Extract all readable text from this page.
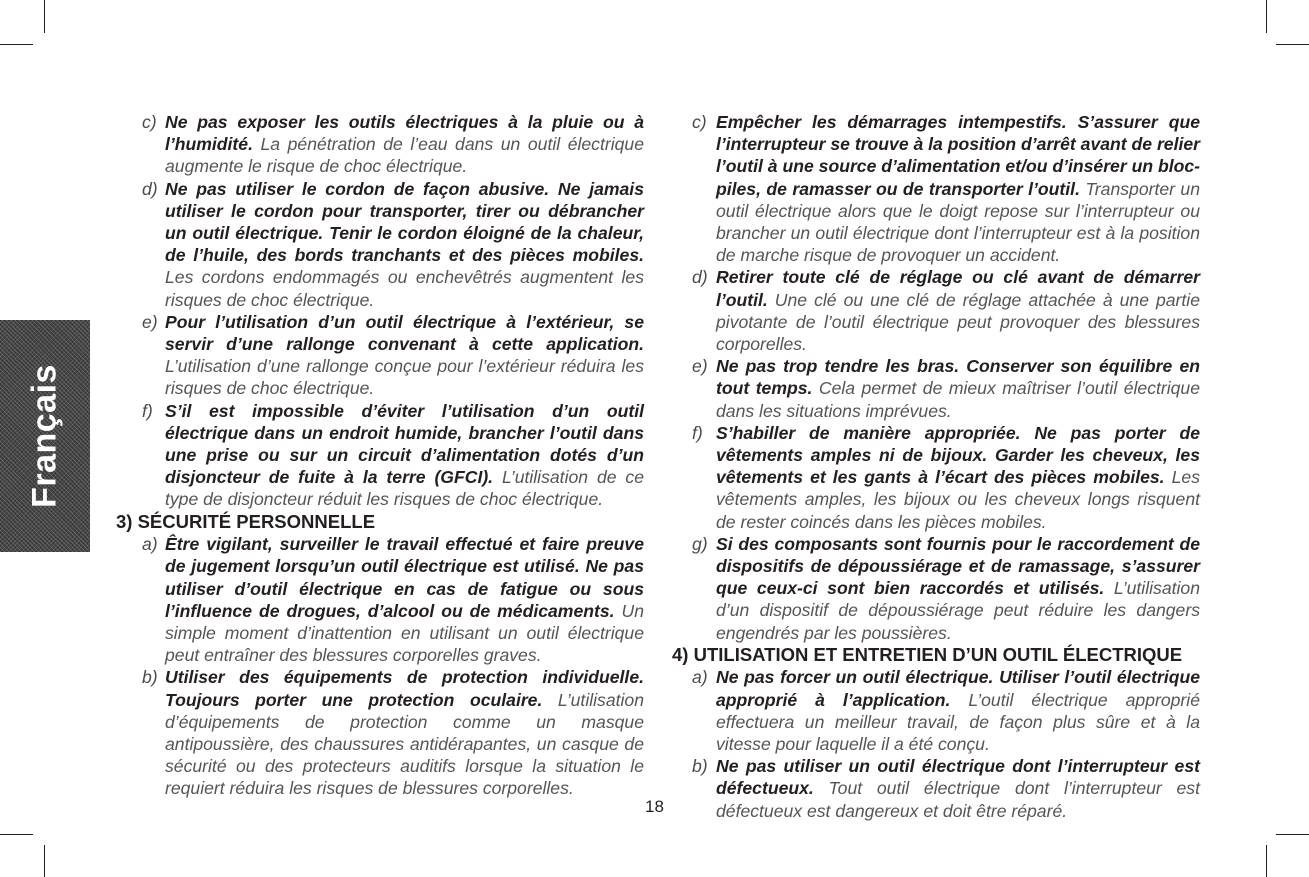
Français
c) Ne pas exposer les outils électriques à la pluie ou à l’humidité. La pénétration de l’eau dans un outil électrique augmente le risque de choc électrique.
d) Ne pas utiliser le cordon de façon abusive. Ne jamais utiliser le cordon pour transporter, tirer ou débrancher un outil électrique. Tenir le cordon éloigné de la chaleur, de l’huile, des bords tranchants et des pièces mobiles. Les cordons endommagés ou enchevêtrés augmentent les risques de choc électrique.
e) Pour l’utilisation d’un outil électrique à l’extérieur, se servir d’une rallonge convenant à cette application. L’utilisation d’une rallonge conçue pour l’extérieur réduira les risques de choc électrique.
f) S’il est impossible d’éviter l’utilisation d’un outil électrique dans un endroit humide, brancher l’outil dans une prise ou sur un circuit d’alimentation dotés d’un disjoncteur de fuite à la terre (GFCI). L’utilisation de ce type de disjoncteur réduit les risques de choc électrique.

3) SÉCURITÉ PERSONNELLE

a) Être vigilant, surveiller le travail effectué et faire preuve de jugement lorsqu’un outil électrique est utilisé. Ne pas utiliser d’outil électrique en cas de fatigue ou sous l’influence de drogues, d’alcool ou de médicaments. Un simple moment d’inattention en utilisant un outil électrique peut entraîner des blessures corporelles graves.
b) Utiliser des équipements de protection individuelle. Toujours porter une protection oculaire. L’utilisation d’équipements de protection comme un masque antipoussière, des chaussures antidérapantes, un casque de sécurité ou des protecteurs auditifs lorsque la situation le requiert réduira les risques de blessures corporelles.
c) Empêcher les démarrages intempestifs. S’assurer que l’interrupteur se trouve à la position d’arrêt avant de relier l’outil à une source d’alimentation et/ou d’insérer un bloc-piles, de ramasser ou de transporter l’outil. Transporter un outil électrique alors que le doigt repose sur l’interrupteur ou brancher un outil électrique dont l’interrupteur est à la position de marche risque de provoquer un accident.
d) Retirer toute clé de réglage ou clé avant de démarrer l’outil. Une clé ou une clé de réglage attachée à une partie pivotante de l’outil électrique peut provoquer des blessures corporelles.
e) Ne pas trop tendre les bras. Conserver son équilibre en tout temps. Cela permet de mieux maîtriser l’outil électrique dans les situations imprévues.
f) S’habiller de manière appropriée. Ne pas porter de vêtements amples ni de bijoux. Garder les cheveux, les vêtements et les gants à l’écart des pièces mobiles. Les vêtements amples, les bijoux ou les cheveux longs risquent de rester coincés dans les pièces mobiles.
g) Si des composants sont fournis pour le raccordement de dispositifs de dépoussiérage et de ramassage, s’assurer que ceux-ci sont bien raccordés et utilisés. L’utilisation d’un dispositif de dépoussiérage peut réduire les dangers engendrés par les poussières.

4) UTILISATION ET ENTRETIEN D’UN OUTIL ÉLECTRIQUE

a) Ne pas forcer un outil électrique. Utiliser l’outil électrique approprié à l’application. L’outil électrique approprié effectuera un meilleur travail, de façon plus sûre et à la vitesse pour laquelle il a été conçu.
b) Ne pas utiliser un outil électrique dont l’interrupteur est défectueux. Tout outil électrique dont l’interrupteur est défectueux est dangereux et doit être réparé.
18
